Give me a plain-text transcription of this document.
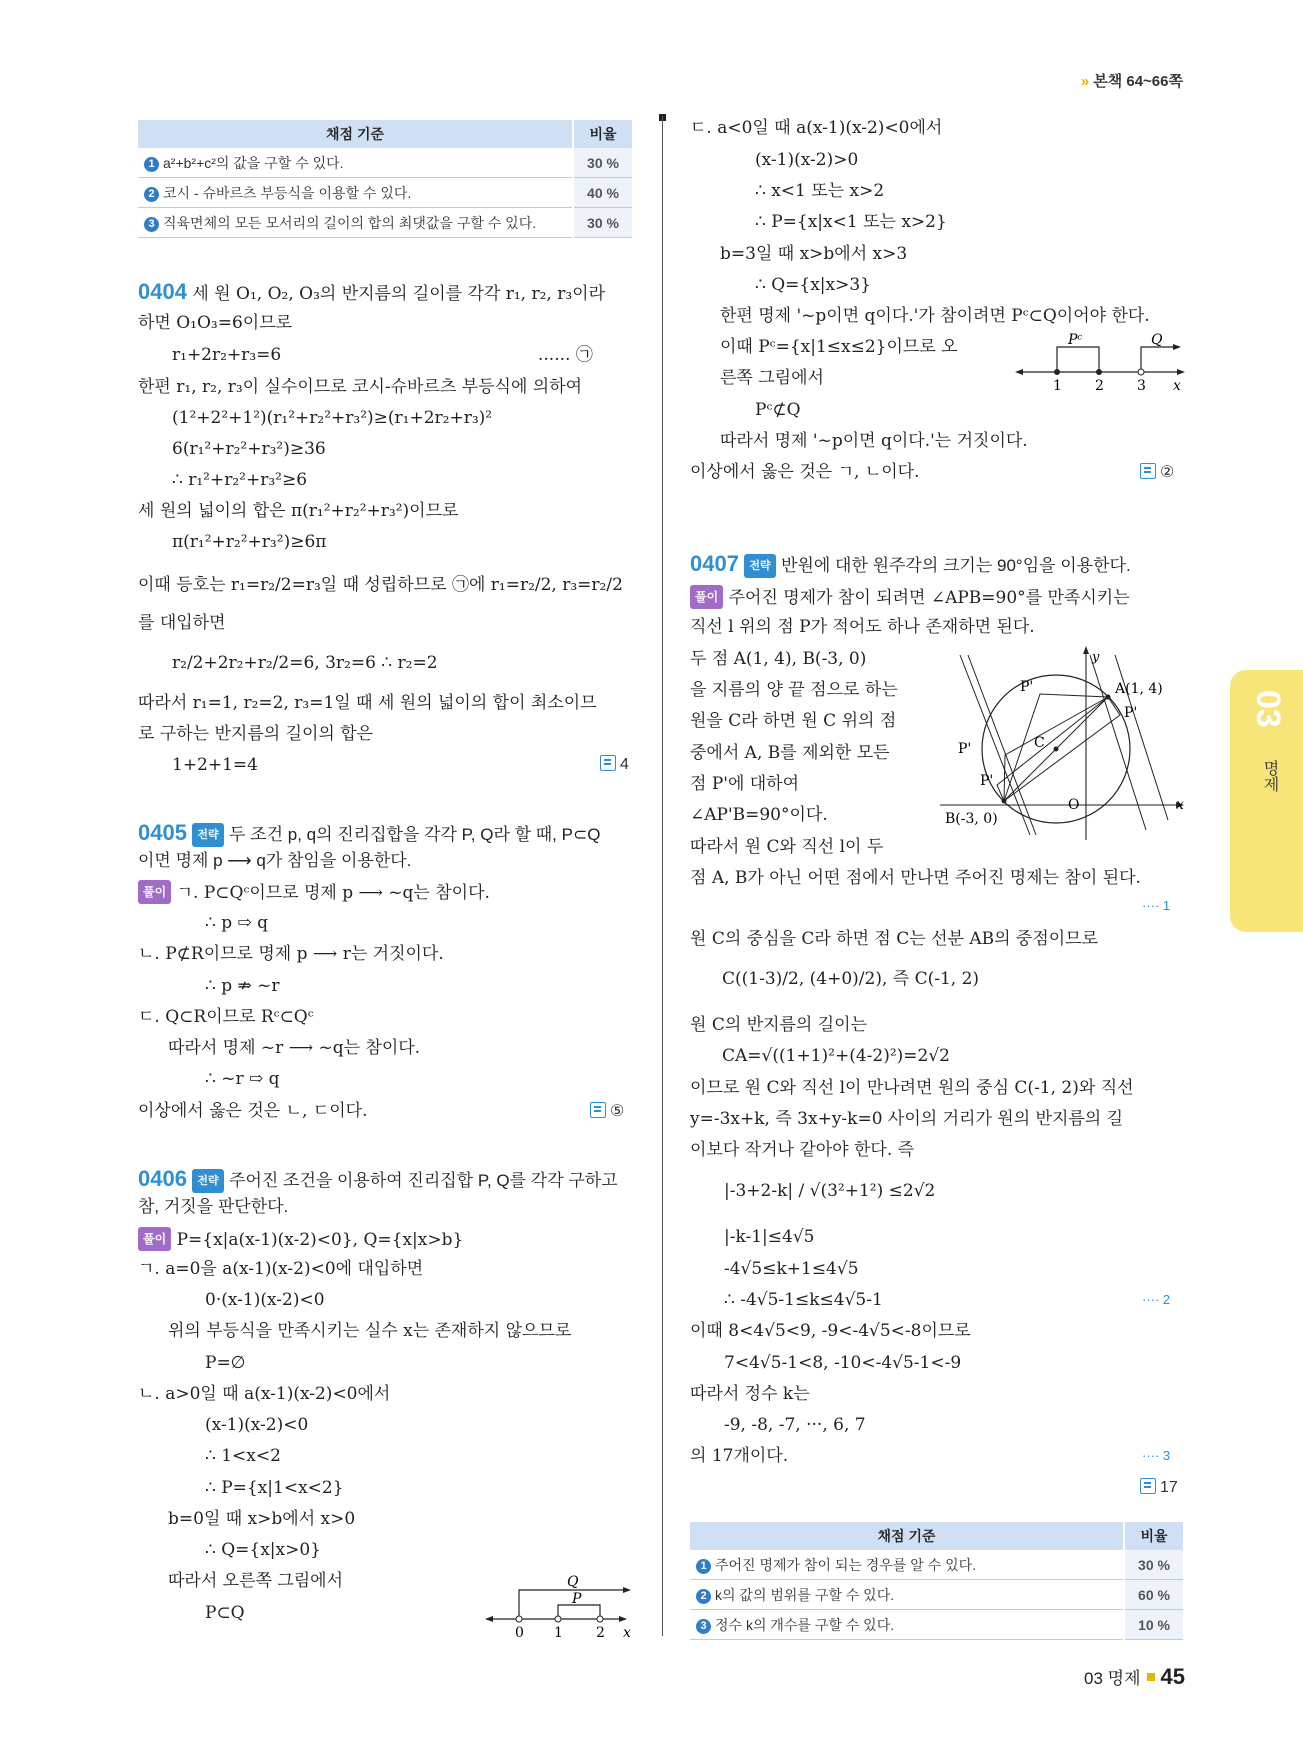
» 본책 64~66쪽
채점 기준	비율
1 a²+b²+c²의 값을 구할 수 있다.	30 %
2 코시 - 슈바르츠 부등식을 이용할 수 있다.	40 %
3 직육면체의 모든 모서리의 길이의 합의 최댓값을 구할 수 있다.	30 %
0404 세 원 O₁, O₂, O₃의 반지름의 길이를 각각 r₁, r₂, r₃이라
하면 O₁O₃=6이므로
r₁+2r₂+r₃=6	...... ㉠
한편 r₁, r₂, r₃이 실수이므로 코시-슈바르츠 부등식에 의하여
(1²+2²+1²)(r₁²+r₂²+r₃²)≥(r₁+2r₂+r₃)²
6(r₁²+r₂²+r₃²)≥36
∴ r₁²+r₂²+r₃²≥6
세 원의 넓이의 합은 π(r₁²+r₂²+r₃²)이므로
π(r₁²+r₂²+r₃²)≥6π
이때 등호는 r₁=r₂/2=r₃일 때 성립하므로 ㉠에 r₁=r₂/2, r₃=r₂/2
를 대입하면
r₂/2+2r₂+r₂/2=6, 3r₂=6 ∴ r₂=2
따라서 r₁=1, r₂=2, r₃=1일 때 세 원의 넓이의 합이 최소이므
로 구하는 반지름의 길이의 합은
1+2+1=4	4
0405 전략 두 조건 p, q의 진리집합을 각각 P, Q라 할 때, P⊂Q
이면 명제 p ⟶ q가 참임을 이용한다.
풀이 ㄱ. P⊂Qᶜ이므로 명제 p ⟶ ~q는 참이다.
∴ p ⇨ q
ㄴ. P⊄R이므로 명제 p ⟶ r는 거짓이다.
∴ p ⇏ ~r
ㄷ. Q⊂R이므로 Rᶜ⊂Qᶜ
따라서 명제 ~r ⟶ ~q는 참이다.
∴ ~r ⇨ q
이상에서 옳은 것은 ㄴ, ㄷ이다.	⑤
0406 전략 주어진 조건을 이용하여 진리집합 P, Q를 각각 구하고
참, 거짓을 판단한다.
풀이 P={x|a(x-1)(x-2)<0}, Q={x|x>b}
ㄱ. a=0을 a(x-1)(x-2)<0에 대입하면
0·(x-1)(x-2)<0
위의 부등식을 만족시키는 실수 x는 존재하지 않으므로
P=∅
ㄴ. a>0일 때 a(x-1)(x-2)<0에서
(x-1)(x-2)<0
∴ 1<x<2
∴ P={x|1<x<2}
b=0일 때 x>b에서 x>0
∴ Q={x|x>0}
따라서 오른쪽 그림에서
P⊂Q
0 1 2 x
Q
P
ㄷ. a<0일 때 a(x-1)(x-2)<0에서
(x-1)(x-2)>0
∴ x<1 또는 x>2
∴ P={x|x<1 또는 x>2}
b=3일 때 x>b에서 x>3
∴ Q={x|x>3}
한편 명제 '~p이면 q이다.'가 참이려면 Pᶜ⊂Q이어야 한다.
이때 Pᶜ={x|1≤x≤2}이므로 오
른쪽 그림에서
Pᶜ⊄Q
따라서 명제 '~p이면 q이다.'는 거짓이다.
이상에서 옳은 것은 ㄱ, ㄴ이다.	②
1 2 3 x
Pᶜ	Q
0407 전략 반원에 대한 원주각의 크기는 90°임을 이용한다.
풀이 주어진 명제가 참이 되려면 ∠APB=90°를 만족시키는
직선 l 위의 점 P가 적어도 하나 존재하면 된다.
두 점 A(1, 4), B(-3, 0)
을 지름의 양 끝 점으로 하는
원을 C라 하면 원 C 위의 점
중에서 A, B를 제외한 모든
점 P'에 대하여
∠AP'B=90°이다.
따라서 원 C와 직선 l이 두
점 A, B가 아닌 어떤 점에서 만나면 주어진 명제는 참이 된다.
···· 1
원 C의 중심을 C라 하면 점 C는 선분 AB의 중점이므로
C((1-3)/2, (4+0)/2), 즉 C(-1, 2)
원 C의 반지름의 길이는
CA=√((1+1)²+(4-2)²)=2√2
이므로 원 C와 직선 l이 만나려면 원의 중심 C(-1, 2)와 직선
y=-3x+k, 즉 3x+y-k=0 사이의 거리가 원의 반지름의 길
이보다 작거나 같아야 한다. 즉
|-3+2-k| / √(3²+1²) ≤2√2
|-k-1|≤4√5
-4√5≤k+1≤4√5
∴ -4√5-1≤k≤4√5-1	···· 2
이때 8<4√5<9, -9<-4√5<-8이므로
7<4√5-1<8, -10<-4√5-1<-9
따라서 정수 k는
-9, -8, -7, ···, 6, 7
의 17개이다.	···· 3
17
y
A(1, 4)
P'
P'
C
P'
P'
B(-3, 0)
O	x
채점 기준	비율
1 주어진 명제가 참이 되는 경우를 알 수 있다.	30 %
2 k의 값의 범위를 구할 수 있다.	60 %
3 정수 k의 개수를 구할 수 있다.	10 %
03
명제
03 명제 45
